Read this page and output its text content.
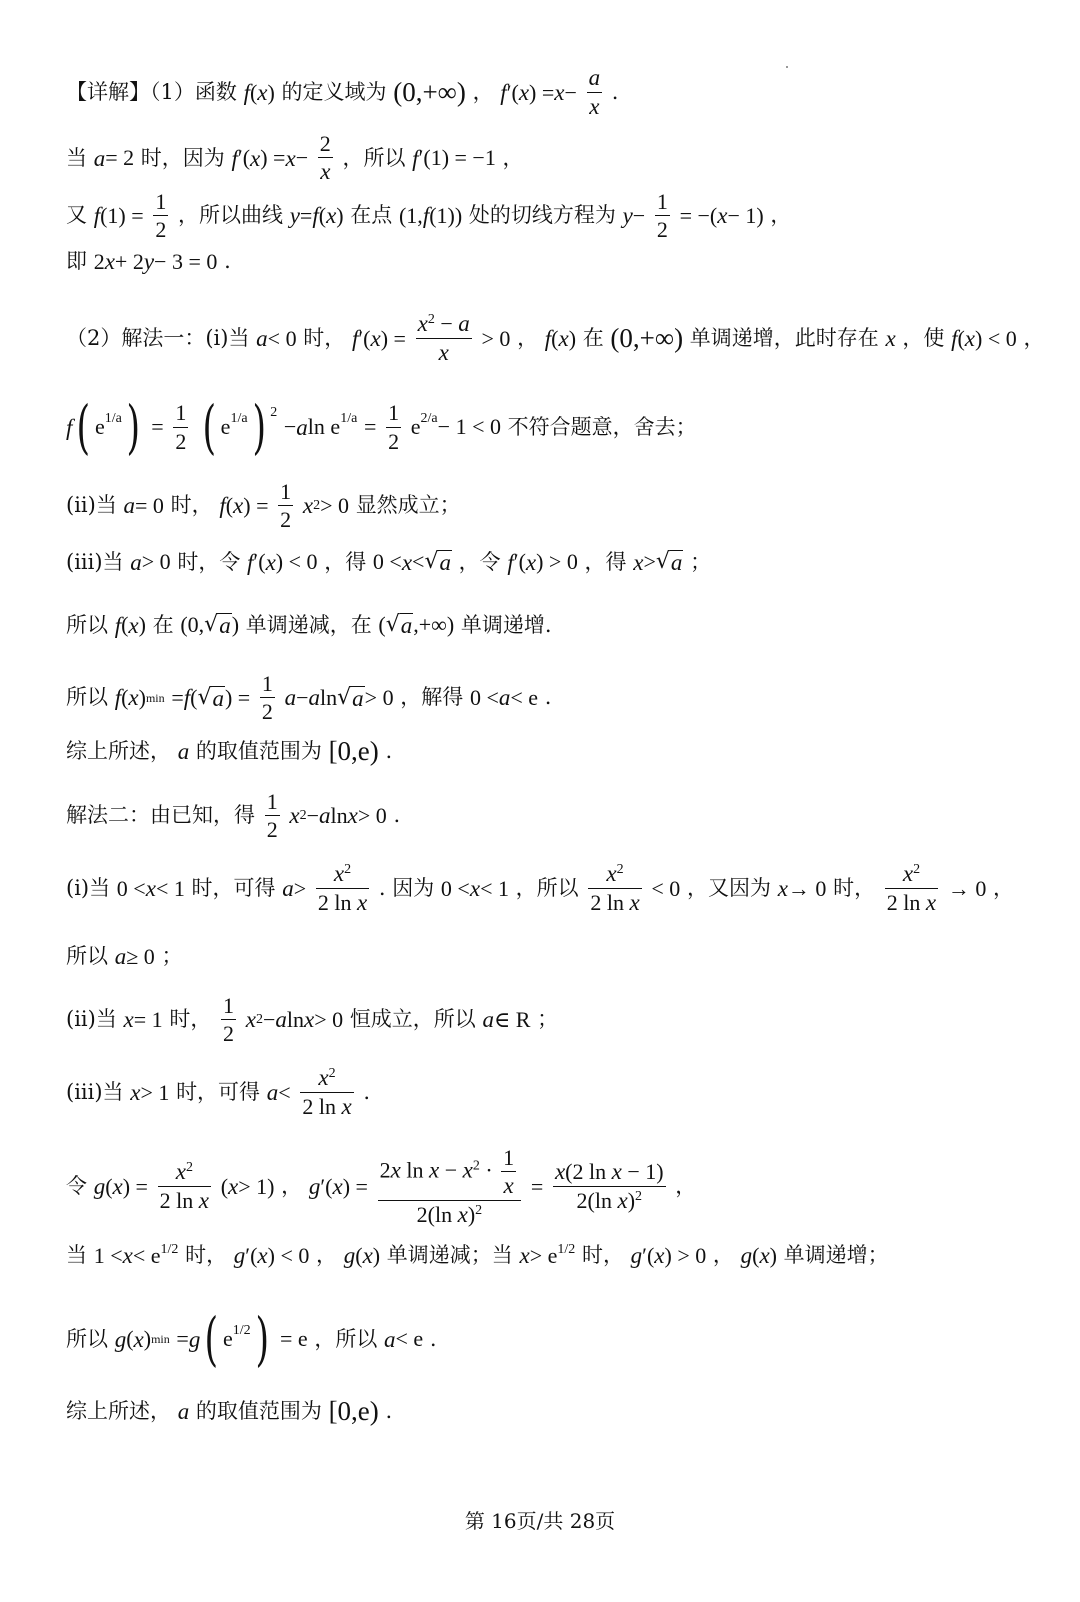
【详解】（1）函数 f(x) 的定义域为 (0,+∞) ， $f'(x) =x- \frac{a}{x}$ .
当 a= 2 时，因为 $f'(x) =x- \frac{2}{x}$ ，所以 f′(1) = −1 ，
又 $f(1) = \frac{1}{2}$ ，所以曲线 y=f(x) 在点 (1,f(1)) 处的切线方程为 $y- \frac{1}{2} = -(x- 1)$ ，
即 2x+ 2y− 3 = 0 .
（2）解法一：(i)当 a< 0 时， $f'(x) = \frac{x^2 - a}{x} > 0$ ， f(x) 在 (0,+∞) 单调递增，此时存在 x ，使 f(x) < 0 ，
f( $e1/a) = \frac{1}{2}$ ( e1/a) 2 −aln $e1/a = \frac{1}{2} e2/a- 1 < 0$ 不符合题意，舍去；
(ii)当 a= 0 时， $f(x) = \frac{1}{2} x2> 0$ 显然成立；
(iii)当 a> 0 时，令 f′(x) < 0 ，得 0 <x<√a ，令 f′(x) > 0 ，得 x>√a ；
所以 f(x) 在 (0,√a) 单调递减，在 (√a,+∞) 单调递增.
所以 $f(x)\min =f(√a) = \frac{1}{2} a-aln√a> 0$ ，解得 0 <a< e .
综上所述， a 的取值范围为 [0,e) .
解法二：由已知，得 $\frac{1}{2} x2-alnx> 0$ .
(i)当 0 <x< 1 时，可得 $a> \frac{x^2}{\text{2 ln x}}$ . 因为 0 <x< 1 ，所以 $\frac{x^2}{\text{2 ln x}} < 0$ ，又因为 x→ 0 时， $\frac{x^2}{\text{2 ln x}} \to 0$ ，
所以 a≥ 0 ；
(ii)当 x= 1 时， $\frac{1}{2} x2-alnx> 0$ 恒成立，所以 a∈ R ；
(iii)当 x> 1 时，可得 $a< \frac{x^2}{\text{2 ln x}}$ .
令 $g(x) = \frac{x^2}{\text{2 ln x}} (x> 1)$ ， $g'(x) = \frac{2x \ln x - x^2 \cdot \frac{1}{x}}{2(\ln x)^2} = \frac{\text{x(2 ln x − 1)}}{2(\ln x)^2}$ ，
当 1 <x< e1/2 时， g′(x) < 0 ， g(x) 单调递减；当 x> e1/2 时， g′(x) > 0 ， g(x) 单调递增；
所以 g(x)min =g( e1/2) = e ，所以 a< e .
综上所述， a 的取值范围为 [0,e) .
第 16页/共 28页
